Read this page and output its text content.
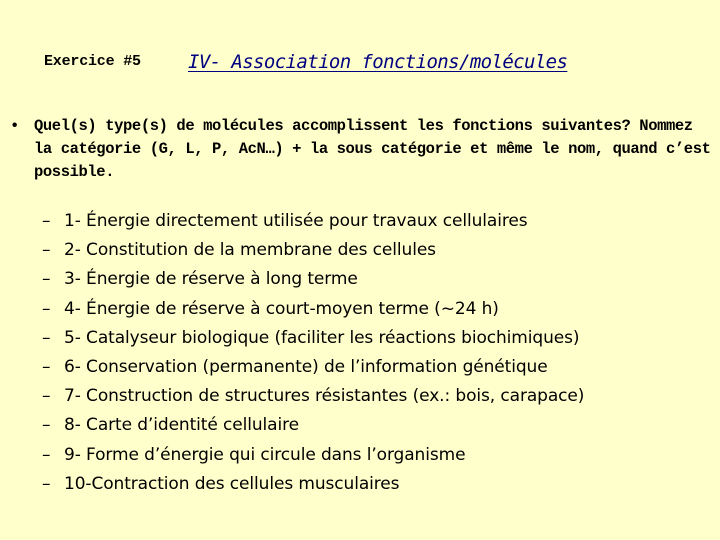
Exercice #5 IV- Association fonctions/molécules
• Quel(s) type(s) de molécules accomplissent les fonctions suivantes? Nommez la catégorie (G, L, P, AcN…) + la sous catégorie et même le nom, quand c’est possible.
– 1- Énergie directement utilisée pour travaux cellulaires
– 2- Constitution de la membrane des cellules
– 3- Énergie de réserve à long terme
– 4- Énergie de réserve à court-moyen terme (~24 h)
– 5- Catalyseur biologique (faciliter les réactions biochimiques)
– 6- Conservation (permanente) de l’information génétique
– 7- Construction de structures résistantes (ex.: bois, carapace)
– 8- Carte d’identité cellulaire
– 9- Forme d’énergie qui circule dans l’organisme
– 10-Contraction des cellules musculaires
